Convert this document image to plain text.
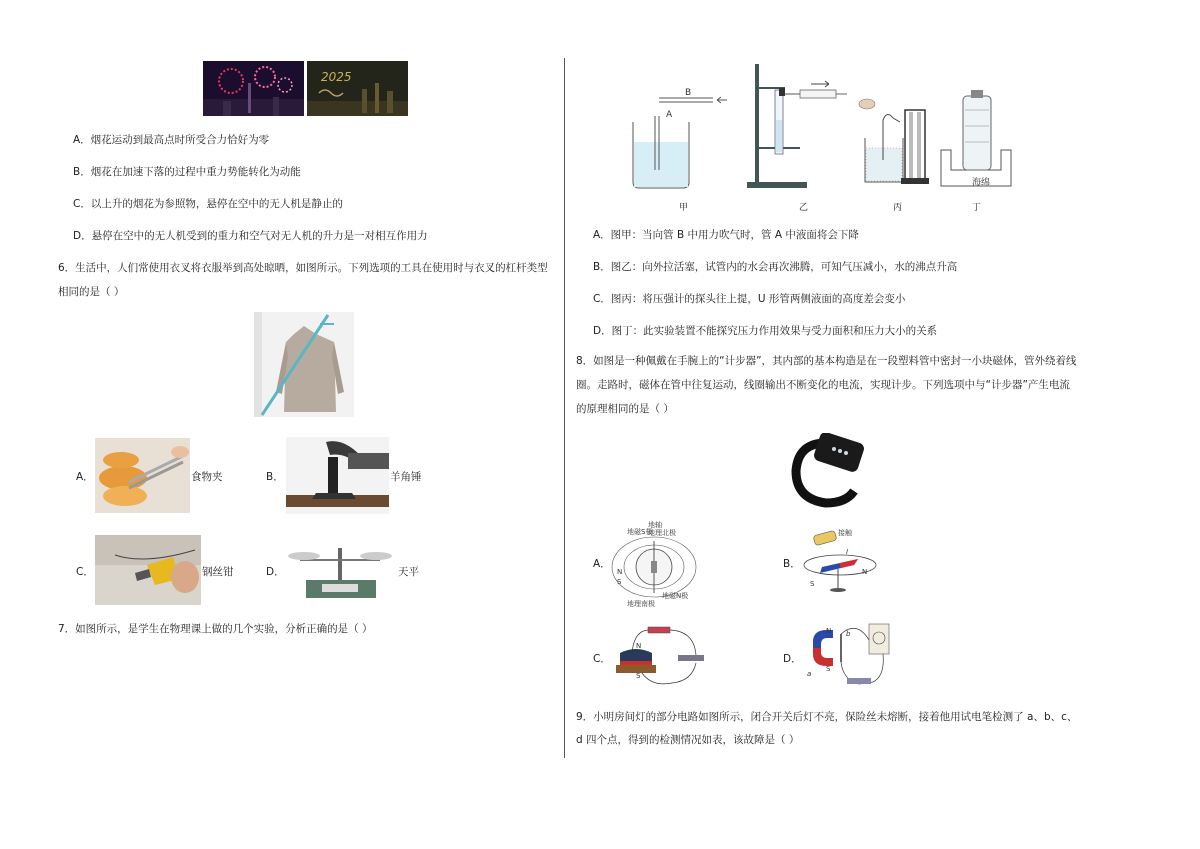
2025
A．烟花运动到最高点时所受合力恰好为零
B．烟花在加速下落的过程中重力势能转化为动能
C．以上升的烟花为参照物，悬停在空中的无人机是静止的
D．悬停在空中的无人机受到的重力和空气对无人机的升力是一对相互作用力
6．生活中，人们常使用衣叉将衣服举到高处晾晒，如图所示。下列选项的工具在使用时与衣叉的杠杆类型
相同的是（ ）
A．	食物夹	B．	羊角锤
C．	钢丝钳	D．	天平
7．如图所示，是学生在物理课上做的几个实验，分析正确的是（ ）
B
A
海绵
甲	乙	丙	丁
A．图甲：当向管 B 中用力吹气时，管 A 中液面将会下降
B．图乙：向外拉活塞，试管内的水会再次沸腾，可知气压减小，水的沸点升高
C．图丙：将压强计的探头往上提，U 形管两侧液面的高度差会变小
D．图丁：此实验装置不能探究压力作用效果与受力面积和压力大小的关系
8．如图是一种佩戴在手腕上的“计步器”，其内部的基本构造是在一段塑料管中密封一小块磁体，管外绕着线
圈。走路时，磁体在管中往复运动，线圈输出不断变化的电流，实现计步。下列选项中与“计步器”产生电流
的原理相同的是（ ）
A．
地磁S极
地轴
地理北极
地磁N极
地理南极
N
S
B．
接触
I
N
S
C．
N
S
D．
N
S
a
b
9．小明房间灯的部分电路如图所示，闭合开关后灯不亮，保险丝未熔断，接着他用试电笔检测了 a、b、c、
d 四个点，得到的检测情况如表，该故障是（ ）
